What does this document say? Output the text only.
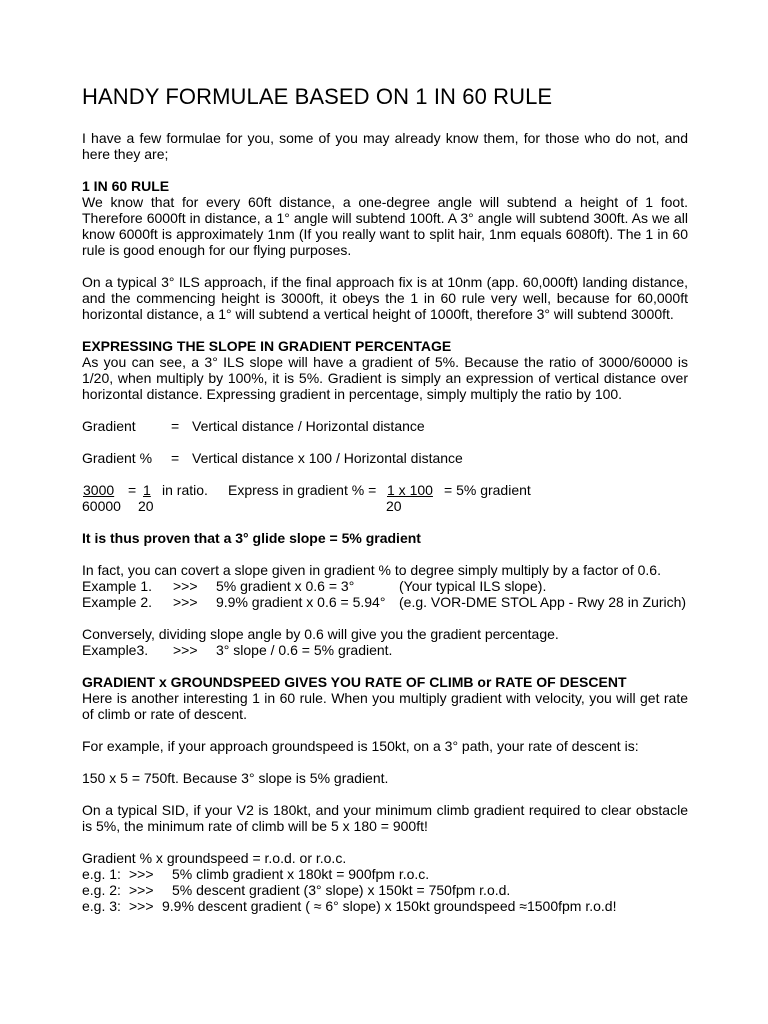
HANDY FORMULAE BASED ON 1 IN 60 RULE

I have a few formulae for you, some of you may already know them, for those who do not, and here they are;

1 IN 60 RULE

We know that for every 60ft distance, a one-degree angle will subtend a height of 1 foot. Therefore 6000ft in distance, a 1° angle will subtend 100ft. A 3° angle will subtend 300ft. As we all know 6000ft is approximately 1nm (If you really want to split hair, 1nm equals 6080ft). The 1 in 60 rule is good enough for our flying purposes.

On a typical 3° ILS approach, if the final approach fix is at 10nm (app. 60,000ft) landing distance, and the commencing height is 3000ft, it obeys the 1 in 60 rule very well, because for 60,000ft horizontal distance, a 1° will subtend a vertical height of 1000ft, therefore 3° will subtend 3000ft.

EXPRESSING THE SLOPE IN GRADIENT PERCENTAGE

As you can see, a 3° ILS slope will have a gradient of 5%. Because the ratio of 3000/60000 is 1/20, when multiply by 100%, it is 5%. Gradient is simply an expression of vertical distance over horizontal distance. Expressing gradient in percentage, simply multiply the ratio by 100.

Gradient	= Vertical distance / Horizontal distance
Gradient % = Vertical distance x 100 / Horizontal distance
3000 = 1 in ratio. Express in gradient % = 1 x 100 = 5% gradient
60000 20	20

It is thus proven that a 3° glide slope = 5% gradient

In fact, you can covert a slope given in gradient % to degree simply multiply by a factor of 0.6.

Example 1. >>> 5% gradient x 0.6 = 3°	(Your typical ILS slope).
Example 2. >>> 9.9% gradient x 0.6 = 5.94° (e.g. VOR-DME STOL App - Rwy 28 in Zurich)

Conversely, dividing slope angle by 0.6 will give you the gradient percentage.

Example3. >>> 3° slope / 0.6 = 5% gradient.

GRADIENT x GROUNDSPEED GIVES YOU RATE OF CLIMB or RATE OF DESCENT

Here is another interesting 1 in 60 rule. When you multiply gradient with velocity, you will get rate of climb or rate of descent.

For example, if your approach groundspeed is 150kt, on a 3° path, your rate of descent is:

150 x 5 = 750ft. Because 3° slope is 5% gradient.

On a typical SID, if your V2 is 180kt, and your minimum climb gradient required to clear obstacle is 5%, the minimum rate of climb will be 5 x 180 = 900ft!

Gradient % x groundspeed = r.o.d. or r.o.c.

e.g. 1: >>> 5% climb gradient x 180kt = 900fpm r.o.c.
e.g. 2: >>> 5% descent gradient (3° slope) x 150kt = 750fpm r.o.d.
e.g. 3: >>> 9.9% descent gradient ( ≈ 6° slope) x 150kt groundspeed ≈1500fpm r.o.d!
